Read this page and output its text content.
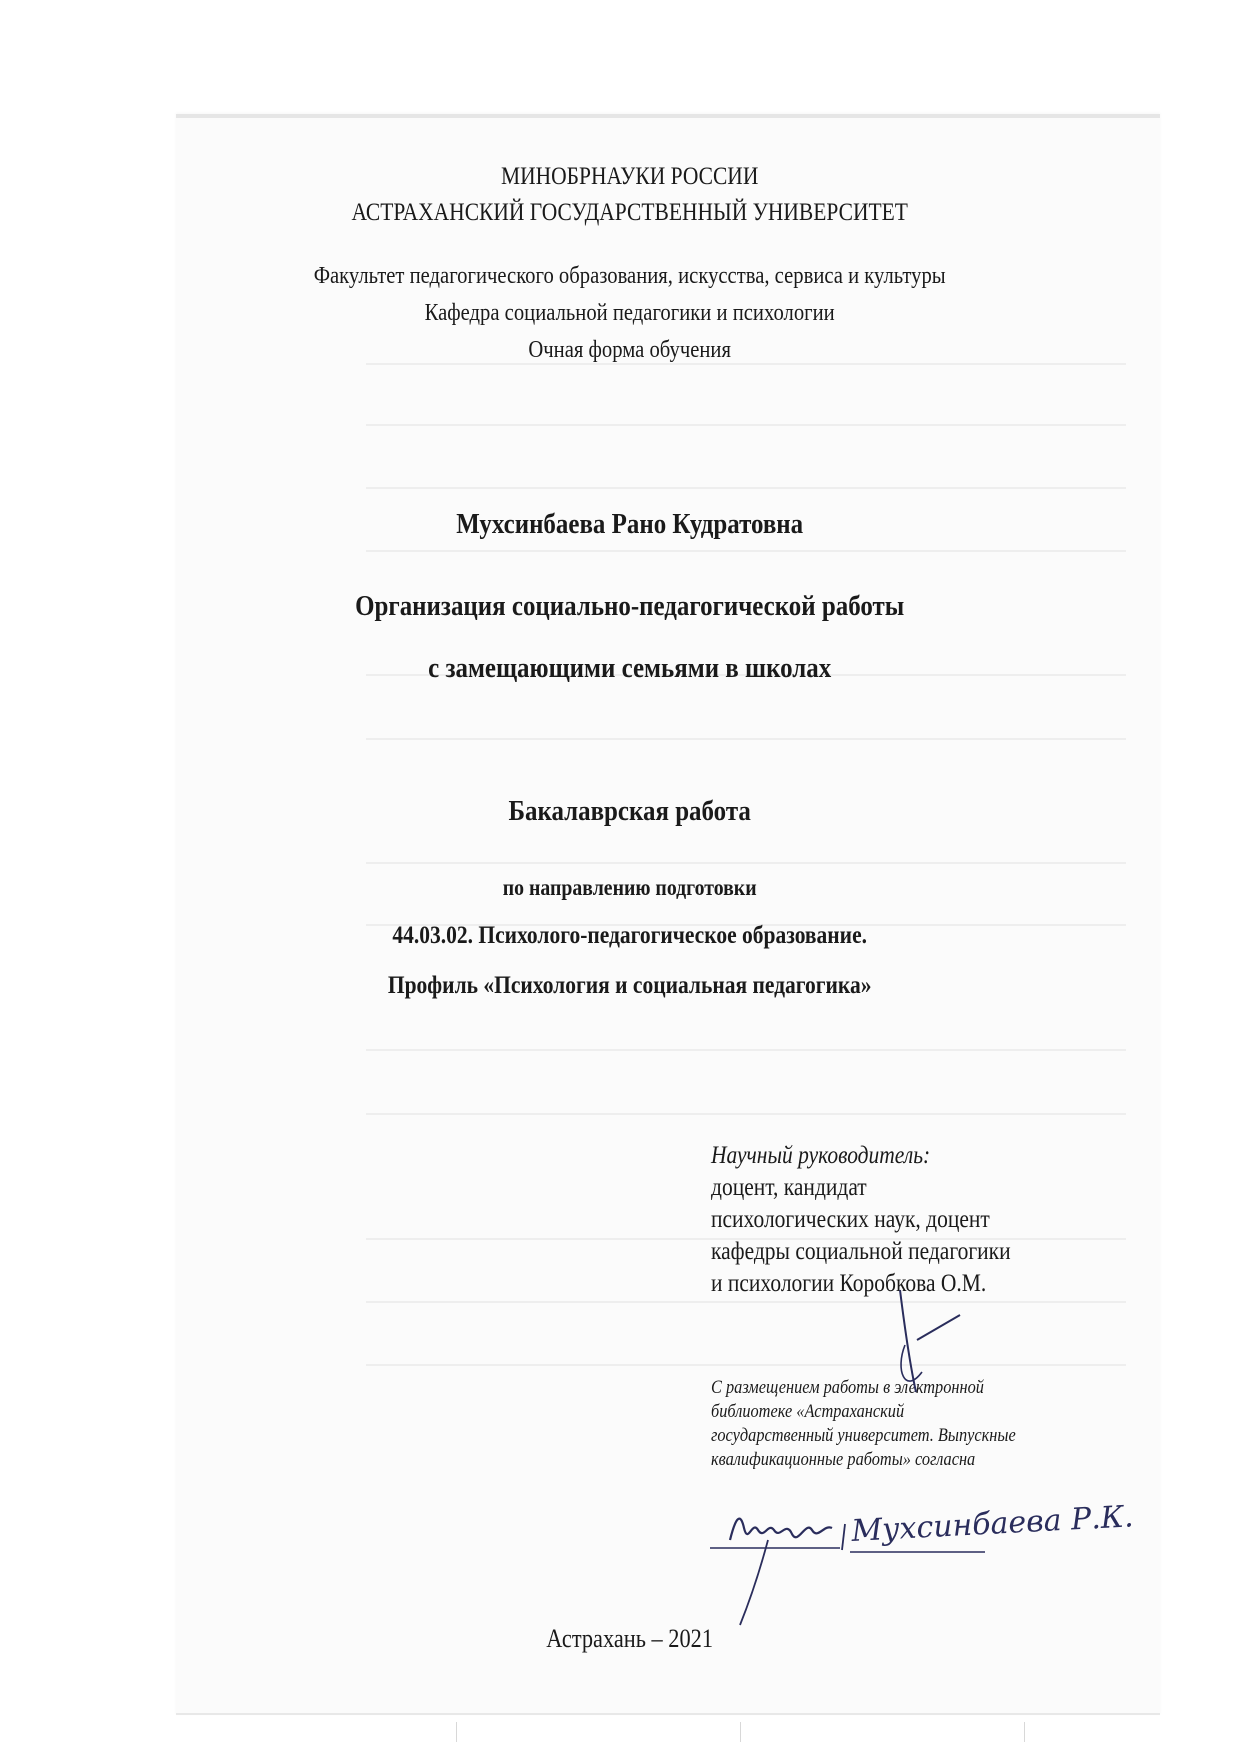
МИНОБРНАУКИ РОССИИ
АСТРАХАНСКИЙ ГОСУДАРСТВЕННЫЙ УНИВЕРСИТЕТ
Факультет педагогического образования, искусства, сервиса и культуры
Кафедра социальной педагогики и психологии
Очная форма обучения
Мухсинбаева Рано Кудратовна
Организация социально-педагогической работы
с замещающими семьями в школах
Бакалаврская работа
по направлению подготовки
44.03.02. Психолого-педагогическое образование.
Профиль «Психология и социальная педагогика»
Научный руководитель:
доцент, кандидат
психологических наук, доцент
кафедры социальной педагогики
и психологии Коробкова О.М.
С размещением работы в электронной
библиотеке «Астраханский
государственный университет. Выпускные
квалификационные работы» согласна
Мухсинбаева Р.К.
Астрахань – 2021
